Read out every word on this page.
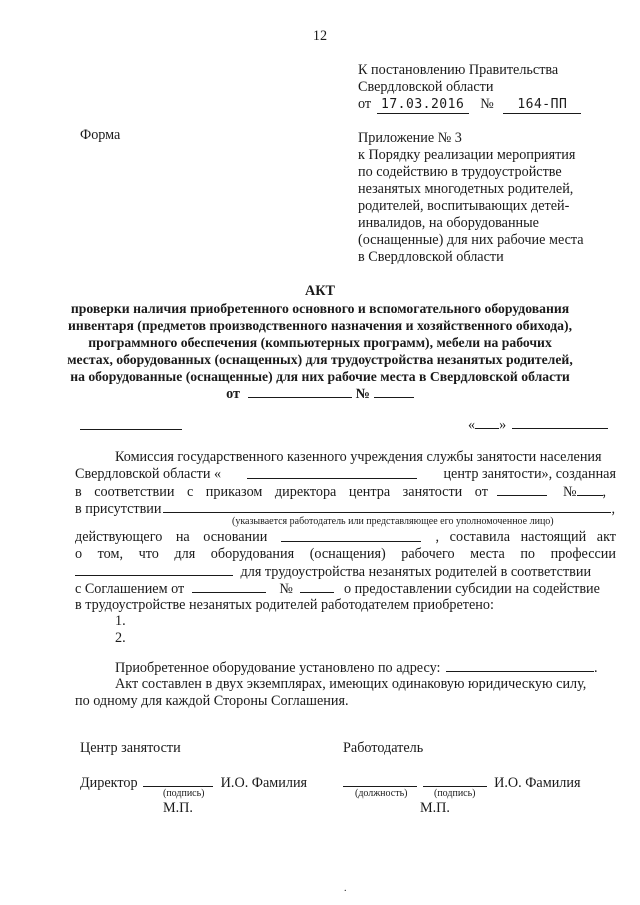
12
К постановлению Правительства
Свердловской области
от 17.03.2016 № 164-ПП
Форма	Приложение № 3
к Порядку реализации мероприятия
по содействию в трудоустройстве
незанятых многодетных родителей,
родителей, воспитывающих детей-
инвалидов, на оборудованные
(оснащенные) для них рабочие места
в Свердловской области
АКТ
проверки наличия приобретенного основного и вспомогательного оборудования
инвентаря (предметов производственного назначения и хозяйственного обихода),
программного обеспечения (компьютерных программ), мебели на рабочих
местах, оборудованных (оснащенных) для трудоустройства незанятых родителей,
на оборудованные (оснащенные) для них рабочие места в Свердловской области
от	№
« »
Комиссия государственного казенного учреждения службы занятости населения
Свердловской области «	центр занятости», созданная
в соответствии с приказом директора центра занятости от	№ ,
в присутствии	,
(указывается работодатель или представляющее его уполномоченное лицо)
действующего на основании	, составила настоящий акт
о том, что для оборудования (оснащения) рабочего места по профессии
для трудоустройства незанятых родителей в соответствии
с Соглашением от	№	о предоставлении субсидии на содействие
в трудоустройстве незанятых родителей работодателем приобретено:
1.
2.
Приобретенное оборудование установлено по адресу:	.
Акт составлен в двух экземплярах, имеющих одинаковую юридическую силу,
по одному для каждой Стороны Соглашения.
Центр занятости	Работодатель
Директор	И.О. Фамилия
(подпись)
М.П.
И.О. Фамилия
(должность)	(подпись)
М.П.
.
